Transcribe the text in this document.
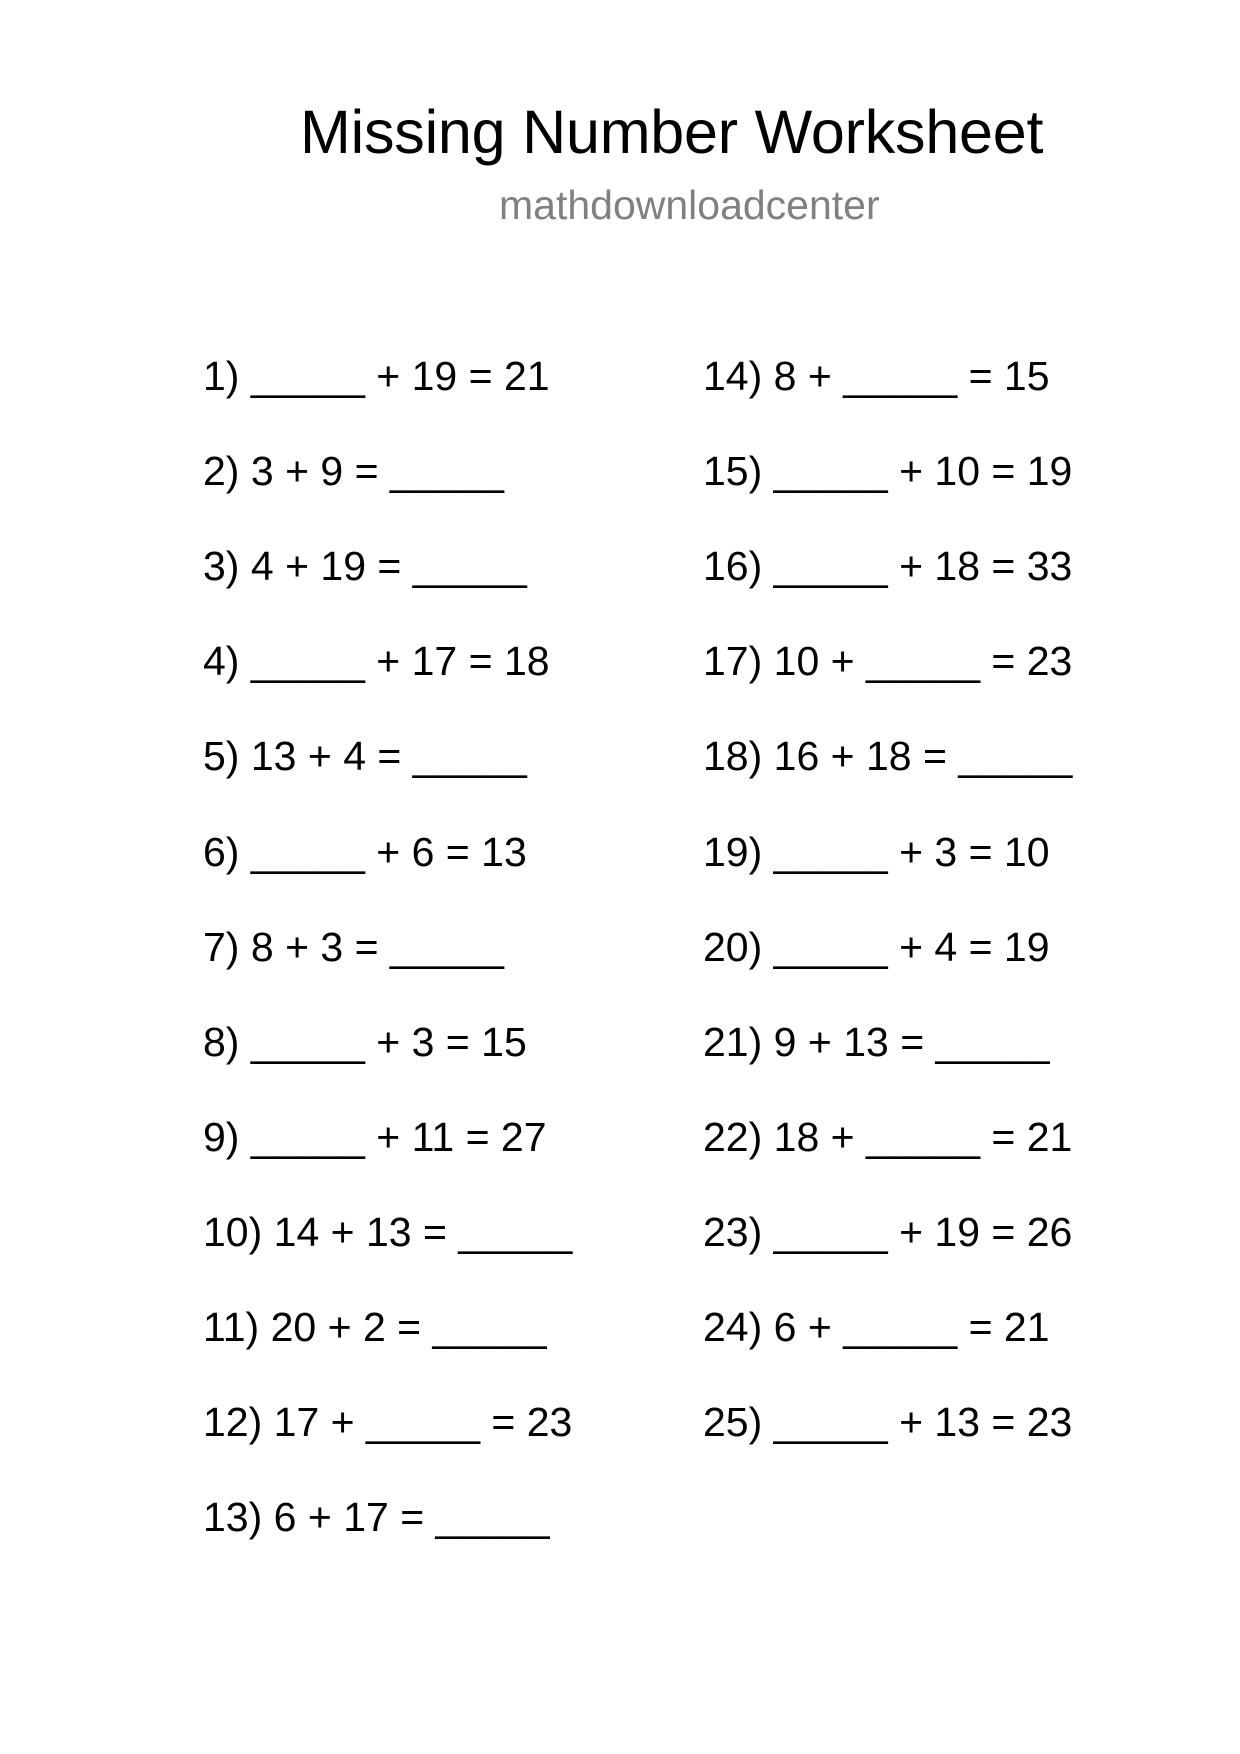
Missing Number Worksheet
mathdownloadcenter
1) _____ + 19 = 21
2) 3 + 9 = _____
3) 4 + 19 = _____
4) _____ + 17 = 18
5) 13 + 4 = _____
6) _____ + 6 = 13
7) 8 + 3 = _____
8) _____ + 3 = 15
9) _____ + 11 = 27
10) 14 + 13 = _____
11) 20 + 2 = _____
12) 17 + _____ = 23
13) 6 + 17 = _____
14) 8 + _____ = 15
15) _____ + 10 = 19
16) _____ + 18 = 33
17) 10 + _____ = 23
18) 16 + 18 = _____
19) _____ + 3 = 10
20) _____ + 4 = 19
21) 9 + 13 = _____
22) 18 + _____ = 21
23) _____ + 19 = 26
24) 6 + _____ = 21
25) _____ + 13 = 23
